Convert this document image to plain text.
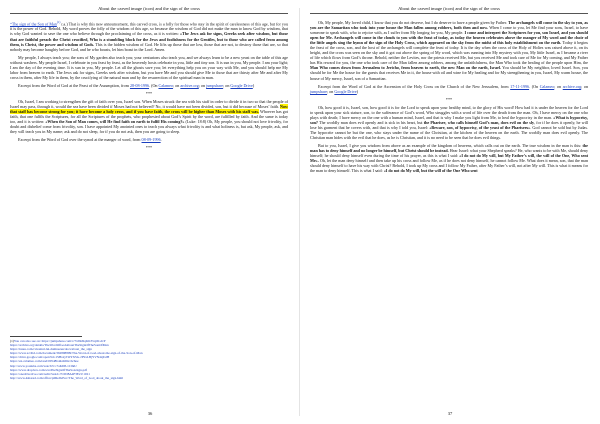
About the carved image (icon) and the sign of the cross

“The sign of the Son of Man$^{(1)}$ r.a.) That is why this new announcement, this carved cross, is a folly for those who stay in the spirit of carelessness of this age, but for you it is the power of God. Behold, My word proves the folly of the wisdom of this age, so because the wisdom of God did not make the man to know God by wisdom, that is why God wanted to save the one who believe through the proclaiming of the cross, as it is written: «The Jews ask for signs, Greeks seek after wisdom, but those that are faithful preach the Christ crucified, Who is a stumbling block for the Jews and foolishness for the Gentiles, but to those who are called from among them, is Christ, the power and wisdom of Gods. This is the hidden wisdom of God. He lifts up those that are low, those that are not, to destroy those that are, so that nobody may become haughty before God, and he who boasts, let him boast in the Lord. Amen.

My people, I always teach you; the sons of My garden also teach you; your centurions also teach you, and we always learn to be a new yeast on the table of this age without washers. My people Israel, I celebrate in you feast by feast, as the heavenly hosts celebrate in you, little and tiny son. It is sun in you, My people. I am your light; I am the day of the evening time. It is sun in you, My people. Let all the ghosts save you; let everything help you on your way with Me, and you should help me My labor from heaven to earth. The Jews ask for signs, Greeks seek after wisdom, but you have Me and you should give Me to those that are thirsty after Me and after My cross in them, after My life in them, by the crucifying of the natural man and by the resurrection of the spiritual man in man.

Excerpt from the Word of God at the Feast of the Assumption, from 28-08-1996. (On Calameo; on archive.org; on jumpshare; on Google Drive)

***

Oh, Israel, I am working to strengthen the gift of faith over you, Israel son. When Moses struck the sea with his staff in order to divide it in two so that the people of Israel may pass, through it, would the sea have been divided if Moses had not believed? No, it would have not been divided, son, but it did because of Moses’ faith. Now that staff has become strong for you; it have become a holy cross, and if you have faith, the cross will be higher than Moses with his staff was. Whoever has got faith, that one fulfils the Scriptures, for all the Scriptures of the prophets, who prophesied about God’s Spirit by the word, are fulfilled by faith. And the same is today too, and it is written: «When the Son of Man comes, will He find faith on earth to fulfil His coming?» (Luke: 18:8) Oh, My people, you should not love frivolity, for doubt and disbelief come from frivolity, son. I have appointed My anointed ones to teach you always what frivolity is and what holiness is, but ask, My people, ask, and they will teach you in My name; ask and do not sleep, for if you do not ask, then you are going to sleep.

Excerpt from the Word of God over the synod at the manger of word, from 08-09-1996.

***
(1)You can also see on: https://jumpshare.com/v/7xb9rRqKKYnpSLdvP
https://archive.org/details/TheWordOfGodAboutTheSignOfTheSonOfMan
https://issuu.com/cuvantul-lui-dumnezeu/docs/about_the_sign
https://www.scribd.com/document/362898809/The-Word-of-God-about-the-sign-of-the-Son-of-Man
https://drive.google.com/open?id=1SHsxyTOYXSG-JPSxLBjYVN4xjlxlH
https://en.calameo.com/read/00548b44a9d0a1bc6ee
http://www.youtube.com/watch?v=7aKD8-1C0kU
https://www.dropbox.com/s/aaTheSignOfTheSon/sign.pdf
https://onedrive.live.com/redir?resid=7C0D8A4F3E21!1021
http://www.4shared.com/office/pMkdbdScc/The_Word_of_God_about_the_sign.html
36
About the carved image (icon) and the sign of the cross

Oh, My people, My loved child, I know that you do not deserve, but I do deserve to have a people given by Father. The archangels will come in the sky to you, as you are the Samaritan who took into your house the Man fallen among robbers, both then and now. When I come to you, let Me find your sons, Israel, to have someone to speak with, who to rejoice with, as I suffer from My longing for you, My people. I come and interpret the Scriptures for you, son Israel, and you should open for Me. Archangels will come in the clouds to you with the feast of today, as today the heaven celebrates above the manger of My word and the choir of the little angels sing the hymn of the sign of the Holy Cross, which appeared on the sky from the midst of this holy establishment on the earth. Today it begins the feast of the cross, son, and the host of the archangels will complete the feast of today. It is the day when the cross of the Holy of Holies was raised above it, on its height, and the cross was seen on the sky and it got out above the spring of My word, which was running into My mystery with you, My little Israel, as I became a river of life which flows from God’s throne. Behold, neither the Levites, nor the priests received Me, but you received Me and took care of Me for My coming, and My Father has His reward for you, the one who took care of the Man fallen among robbers, among the unfaithfulness, the Man Who took the healing of the people upon Him, the Man Who comes down from Jerusalem to Jericho, from heaven to earth, the new Man on the earth, Israel. You should be My neighbor, loved Israel. Son, you should be for Me the house for the guests that receives Me in it, the house with oil and wine for My healing and for My strengthening in you, Israel, My warm house, the house of My mercy, Israel, son of a Samaritan.

Excerpt from the Word of God at the Ascension of the Holy Cross on the Church of the New Jerusalem, from 17-11-1996. (On Calameo; on archive.org; on jumpshare; on Google Drive)

***

Oh, how good it is, Israel, son, how good it is for the Lord to speak upon your healthy mind, to the glory of His word! How bad it is under the heaven for the Lord to speak upon your sick stature, son, to the sufferance of God’s word, Who struggles with a word of life over the death from the man. Oh, I have mercy on the one who plays with death; I have mercy on the one with a human mind, Israel, and that is why I make you light from Me, to heal the hypocrisy in the man. «What is hypocrisy, son? The worldly man does evil openly and is sick in his heart, but the Pharisee, who calls himself God’s man, does evil on the sly, for if he does it openly, he will lose his garment that he covers with, and that is why I told you, Israel: «Beware, son, of hypocrisy, of the yeast of the Pharisees». God cannot be sold but by Judas. The hypocrite cannot be but the one, who stays under the name of the Christian, at the kitchen of the heaven on the earth. The worldly man does evil openly. The Christian man hides with the evil that he does, as he is Christian, and it is no need to be seen that he does evil things.

But to you, Israel, I give you wisdom from above as an example of the kingdom of heavens, which calls out on the earth. The true wisdom in the man is this: the man has to deny himself and no longer be himself, but Christ should be instead. Hear Israel: what your Shepherd speaks? He, who wants to be with Me, should deny himself; he should deny himself even during the time of his prayer, as this is what I said: «I do not do My will, but My Father’s will, the will of the One, Who sent Me». Oh, let the man deny himself and then take up his cross and follow Me, as if he does not deny himself, he cannot follow Me. What does it mean, son, that the man should deny himself to have his way with Christ? Behold, I took up My cross and I follow My Father, after My Father’s will, not after My will. This is what it means for the man to deny himself. This is what I said: «I do not do My will, but the will of the One Who sent

37
